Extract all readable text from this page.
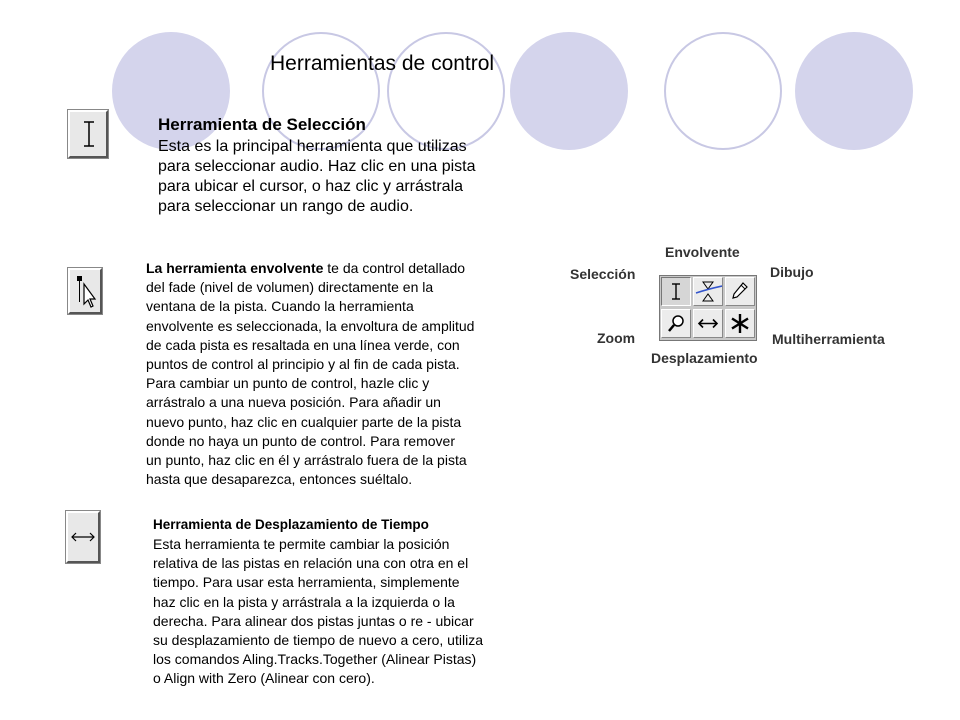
Herramientas de control
Herramienta de Selección
Esta es la principal herramienta que utilizas
para seleccionar audio. Haz clic en una pista
para ubicar el cursor, o haz clic y arrástrala
para seleccionar un rango de audio.
La herramienta envolvente te da control detallado
del fade (nivel de volumen) directamente en la
ventana de la pista. Cuando la herramienta
envolvente es seleccionada, la envoltura de amplitud
de cada pista es resaltada en una línea verde, con
puntos de control al principio y al fin de cada pista.
Para cambiar un punto de control, hazle clic y
arrástralo a una nueva posición. Para añadir un
nuevo punto, haz clic en cualquier parte de la pista
donde no haya un punto de control. Para remover
un punto, haz clic en él y arrástralo fuera de la pista
hasta que desaparezca, entonces suéltalo.
Herramienta de Desplazamiento de Tiempo
Esta herramienta te permite cambiar la posición
relativa de las pistas en relación una con otra en el
tiempo. Para usar esta herramienta, simplemente
haz clic en la pista y arrástrala a la izquierda o la
derecha. Para alinear dos pistas juntas o re - ubicar
su desplazamiento de tiempo de nuevo a cero, utiliza
los comandos Aling.Tracks.Together (Alinear Pistas)
o Align with Zero (Alinear con cero).
Envolvente
Selección	Dibujo
Zoom	Multiherramienta
Desplazamiento
